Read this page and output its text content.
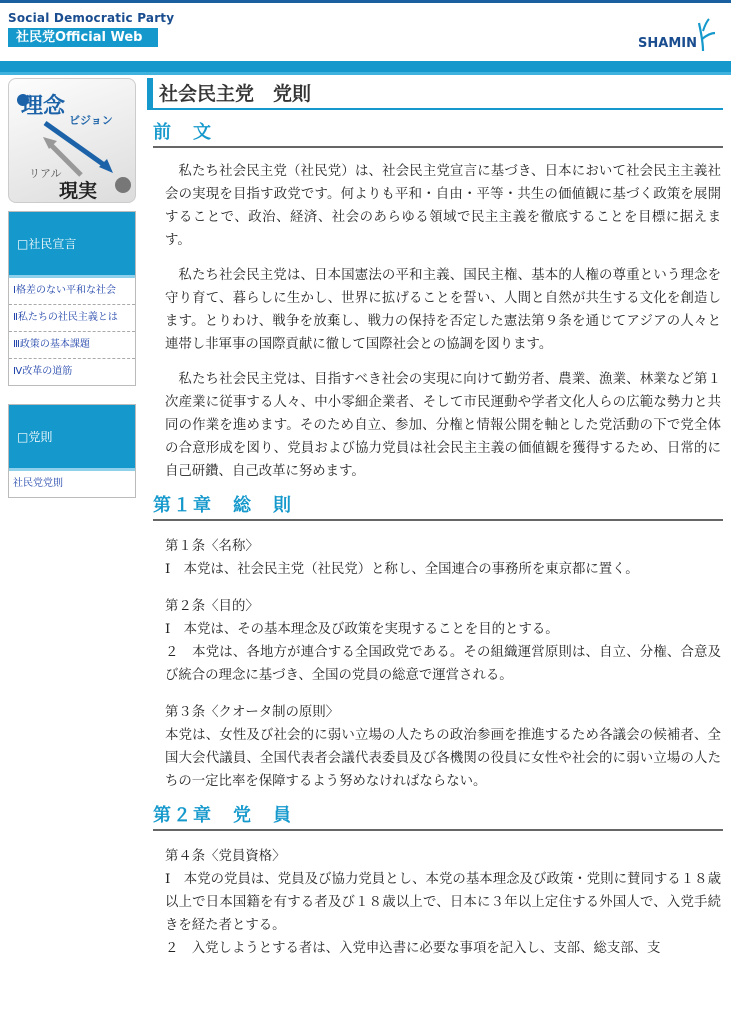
Social Democratic Party
社民党Official Web	SHAMIN
理念
ビジョン
リアル
現実
□社民宣言
Ⅰ格差のない平和な社会
Ⅱ私たちの社民主義とは
Ⅲ政策の基本課題
Ⅳ改革の道筋
□党則
社民党党則
社会民主党　党則
前　文

私たち社会民主党（社民党）は、社会民主党宣言に基づき、日本において社会民主主義社会の実現を目指す政党です。何よりも平和・自由・平等・共生の価値観に基づく政策を展開することで、政治、経済、社会のあらゆる領域で民主主義を徹底することを目標に据えます。

私たち社会民主党は、日本国憲法の平和主義、国民主権、基本的人権の尊重という理念を守り育て、暮らしに生かし、世界に拡げることを誓い、人間と自然が共生する文化を創造します。とりわけ、戦争を放棄し、戦力の保持を否定した憲法第９条を通じてアジアの人々と連帯し非軍事の国際貢献に徹して国際社会との協調を図ります。

私たち社会民主党は、目指すべき社会の実現に向けて勤労者、農業、漁業、林業など第１次産業に従事する人々、中小零細企業者、そして市民運動や学者文化人らの広範な勢力と共同の作業を進めます。そのため自立、参加、分権と情報公開を軸とした党活動の下で党全体の合意形成を図り、党員および協力党員は社会民主主義の価値観を獲得するため、日常的に自己研鑽、自己改革に努めます。

第１章　総　則
第１条〈名称〉
Ⅰ　本党は、社会民主党（社民党）と称し、全国連合の事務所を東京都に置く。
第２条〈目的〉
Ⅰ　本党は、その基本理念及び政策を実現することを目的とする。
２　本党は、各地方が連合する全国政党である。その組織運営原則は、自立、分権、合意及び統合の理念に基づき、全国の党員の総意で運営される。
第３条〈クオータ制の原則〉
本党は、女性及び社会的に弱い立場の人たちの政治参画を推進するため各議会の候補者、全国大会代議員、全国代表者会議代表委員及び各機関の役員に女性や社会的に弱い立場の人たちの一定比率を保障するよう努めなければならない。
第２章　党　員
第４条〈党員資格〉
Ⅰ　本党の党員は、党員及び協力党員とし、本党の基本理念及び政策・党則に賛同する１８歳以上で日本国籍を有する者及び１８歳以上で、日本に３年以上定住する外国人で、入党手続きを経た者とする。
２　入党しようとする者は、入党申込書に必要な事項を記入し、支部、総支部、支
